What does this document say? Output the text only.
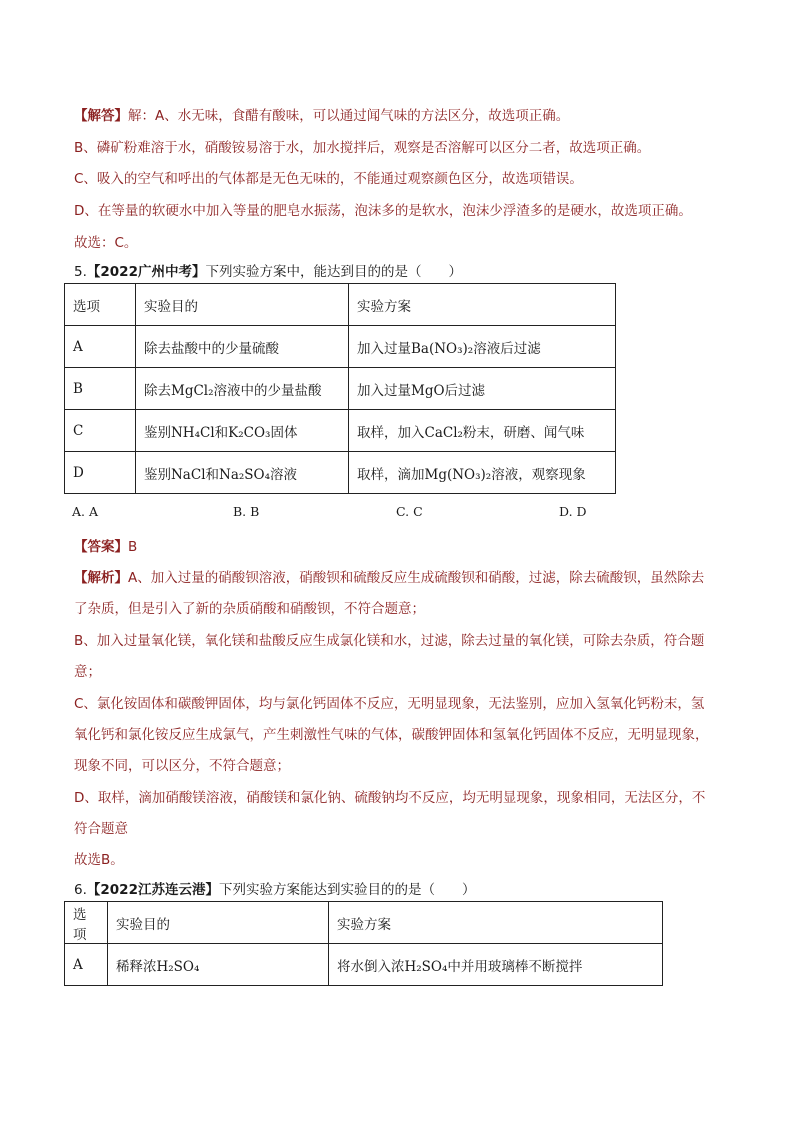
【解答】解：A、水无味，食醋有酸味，可以通过闻气味的方法区分，故选项正确。
B、磷矿粉难溶于水，硝酸铵易溶于水，加水搅拌后，观察是否溶解可以区分二者，故选项正确。
C、吸入的空气和呼出的气体都是无色无味的，不能通过观察颜色区分，故选项错误。
D、在等量的软硬水中加入等量的肥皂水振荡，泡沫多的是软水，泡沫少浮渣多的是硬水，故选项正确。
故选：C。
5.【2022广州中考】下列实验方案中，能达到目的的是（　　）
选项	实验目的	实验方案
A	除去盐酸中的少量硫酸	加入过量Ba(NO₃)₂溶液后过滤
B	除去MgCl₂溶液中的少量盐酸	加入过量MgO后过滤
C	鉴别NH₄Cl和K₂CO₃固体	取样，加入CaCl₂粉末，研磨、闻气味
D	鉴别NaCl和Na₂SO₄溶液	取样，滴加Mg(NO₃)₂溶液，观察现象
A. A	B. B	C. C	D. D
【答案】B
【解析】A、加入过量的硝酸钡溶液，硝酸钡和硫酸反应生成硫酸钡和硝酸，过滤，除去硫酸钡，虽然除去
了杂质，但是引入了新的杂质硝酸和硝酸钡，不符合题意；
B、加入过量氧化镁，氧化镁和盐酸反应生成氯化镁和水，过滤，除去过量的氧化镁，可除去杂质，符合题
意；
C、氯化铵固体和碳酸钾固体，均与氯化钙固体不反应，无明显现象，无法鉴别，应加入氢氧化钙粉末，氢
氧化钙和氯化铵反应生成氯气，产生刺激性气味的气体，碳酸钾固体和氢氧化钙固体不反应，无明显现象，
现象不同，可以区分，不符合题意；
D、取样，滴加硝酸镁溶液，硝酸镁和氯化钠、硫酸钠均不反应，均无明显现象，现象相同，无法区分，不
符合题意
故选B。
6.【2022江苏连云港】下列实验方案能达到实验目的的是（　　）
选项	实验目的	实验方案
A	稀释浓H₂SO₄	将水倒入浓H₂SO₄中并用玻璃棒不断搅拌
